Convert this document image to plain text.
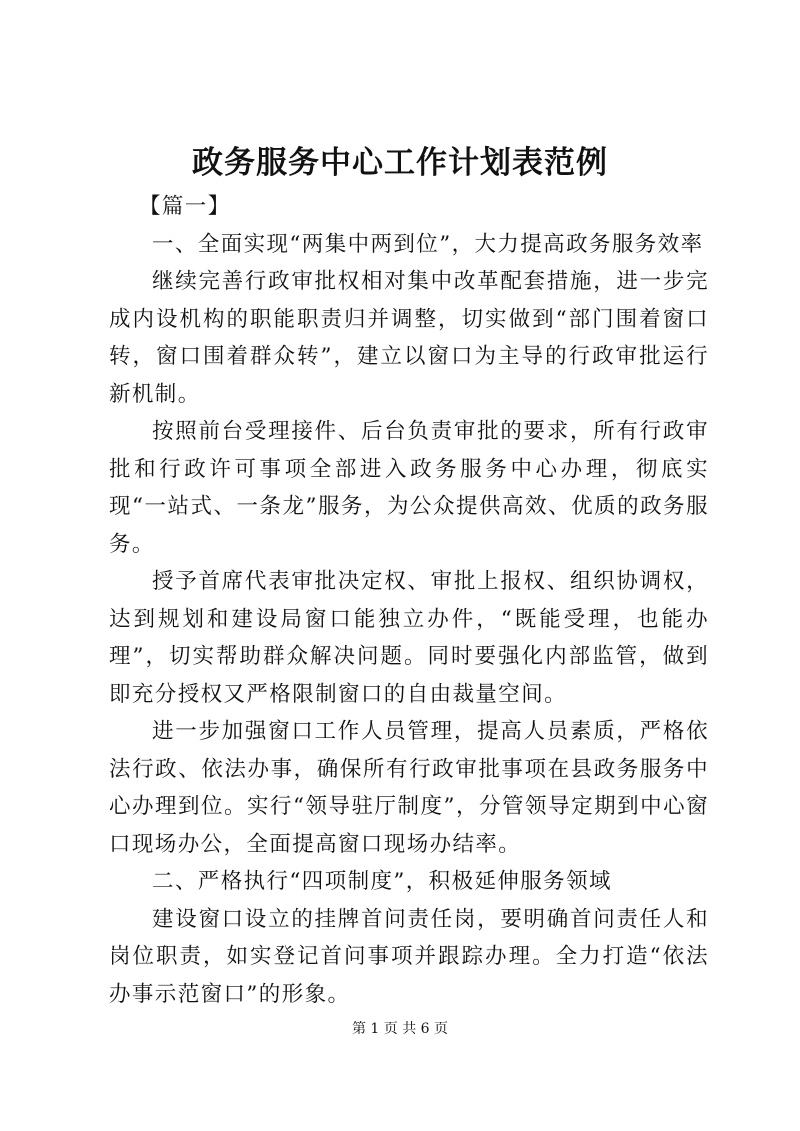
政务服务中心工作计划表范例

【篇一】

一、全面实现“两集中两到位”，大力提高政务服务效率

继续完善行政审批权相对集中改革配套措施，进一步完成内设机构的职能职责归并调整，切实做到“部门围着窗口转，窗口围着群众转”，建立以窗口为主导的行政审批运行新机制。

按照前台受理接件、后台负责审批的要求，所有行政审批和行政许可事项全部进入政务服务中心办理，彻底实现“一站式、一条龙”服务，为公众提供高效、优质的政务服务。

授予首席代表审批决定权、审批上报权、组织协调权，达到规划和建设局窗口能独立办件，“既能受理，也能办理”，切实帮助群众解决问题。同时要强化内部监管，做到即充分授权又严格限制窗口的自由裁量空间。

进一步加强窗口工作人员管理，提高人员素质，严格依法行政、依法办事，确保所有行政审批事项在县政务服务中心办理到位。实行“领导驻厅制度”，分管领导定期到中心窗口现场办公，全面提高窗口现场办结率。

二、严格执行“四项制度”，积极延伸服务领域

建设窗口设立的挂牌首问责任岗，要明确首问责任人和岗位职责，如实登记首问事项并跟踪办理。全力打造“依法办事示范窗口”的形象。

第 1 页 共 6 页
